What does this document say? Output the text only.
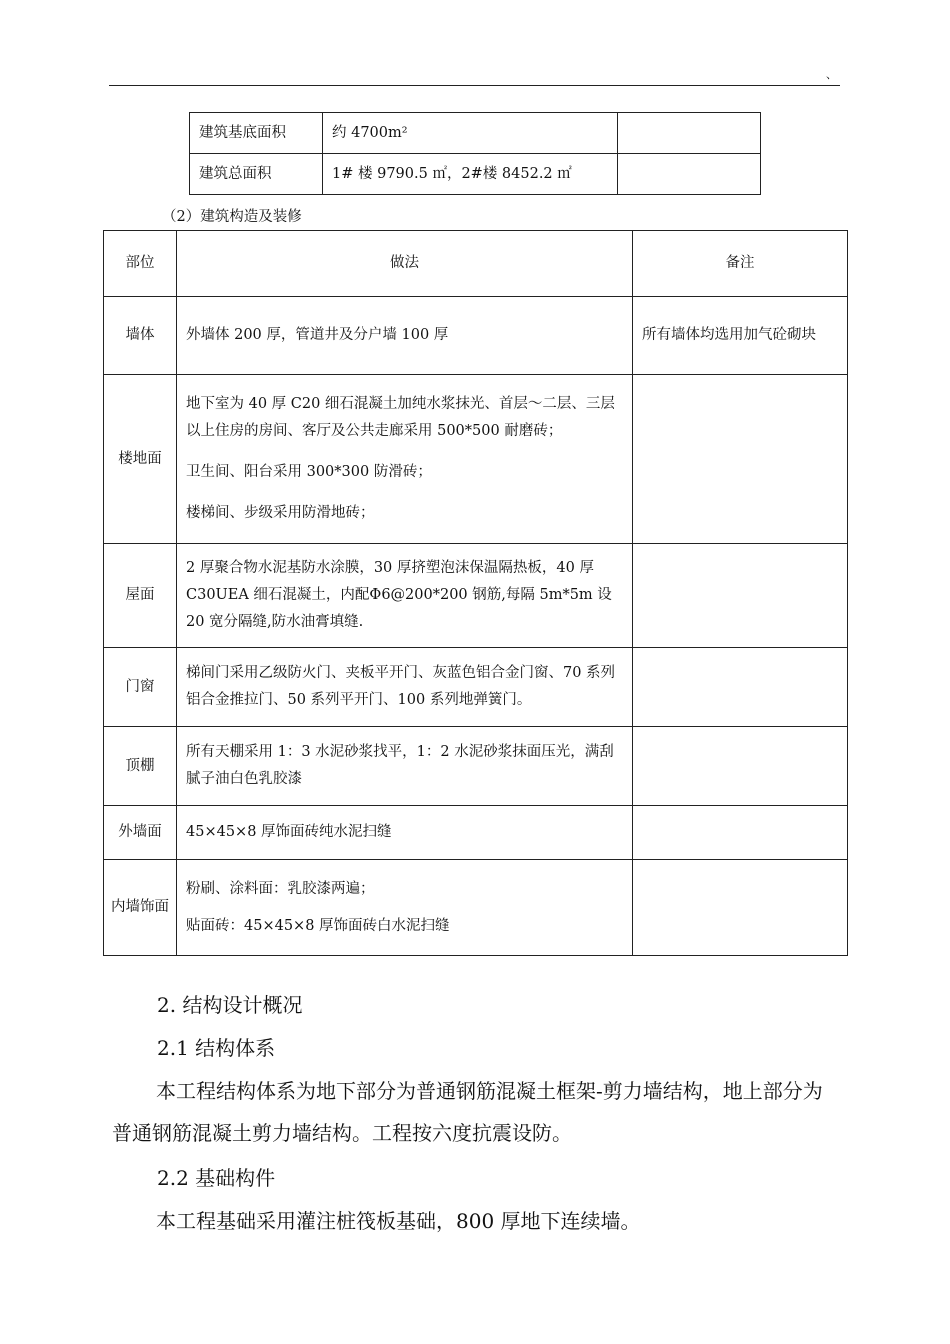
、
建筑基底面积	约 4700m²	
建筑总面积	1# 楼 9790.5 ㎡，2#楼 8452.2 ㎡	
（2）建筑构造及装修
部位	做法	备注
墙体	外墙体 200 厚，管道井及分户墙 100 厚	所有墙体均选用加气砼砌块
楼地面	地下室为 40 厚 C20 细石混凝土加纯水浆抹光、首层～二层、三层以上住房的房间、客厅及公共走廊采用 500*500 耐磨砖；
卫生间、阳台采用 300*300 防滑砖；
楼梯间、步级采用防滑地砖；	

屋面	2 厚聚合物水泥基防水涂膜，30 厚挤塑泡沫保温隔热板，40 厚 C30UEA 细石混凝土，内配Φ6@200*200 钢筋,每隔 5m*5m 设 20 宽分隔缝,防水油膏填缝.	

门窗	梯间门采用乙级防火门、夹板平开门、灰蓝色铝合金门窗、70 系列铝合金推拉门、50 系列平开门、100 系列地弹簧门。	

顶棚	所有天棚采用 1：3 水泥砂浆找平，1：2 水泥砂浆抹面压光，满刮腻子油白色乳胶漆	

外墙面	45×45×8 厚饰面砖纯水泥扫缝	

内墙饰面	粉刷、涂料面：乳胶漆两遍；
贴面砖：45×45×8 厚饰面砖白水泥扫缝	

2. 结构设计概况
2.1 结构体系
本工程结构体系为地下部分为普通钢筋混凝土框架-剪力墙结构，地上部分为普通钢筋混凝土剪力墙结构。工程按六度抗震设防。
2.2 基础构件
本工程基础采用灌注桩筏板基础，800 厚地下连续墙。
